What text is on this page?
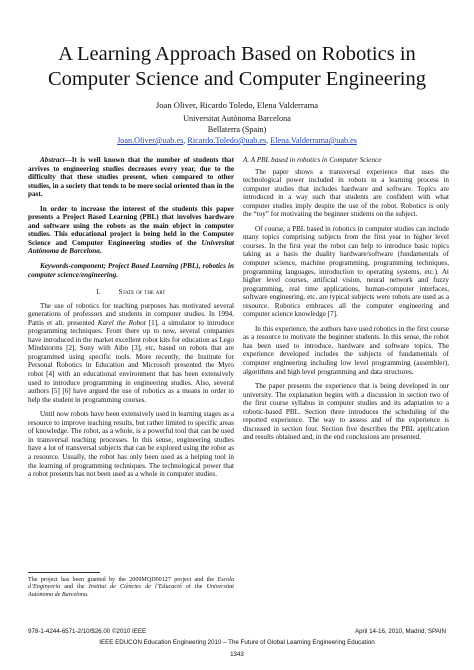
A Learning Approach Based on Robotics in
Computer Science and Computer Engineering
Joan Oliver, Ricardo Toledo, Elena Valderrama
Universitat Autònoma Barcelona
Bellaterra (Spain)
Joan.Oliver@uab.es, Ricardo.Toledo@uab.es, Elena.Valderrama@uab.es

Abstract—It is well known that the number of students that arrives to engineering studies decreases every year, due to the difficulty that these studies present, when compared to other studies, in a society that tends to be more social oriented than in the past.

In order to increase the interest of the students this paper presents a Project Based Learning (PBL) that involves hardware and software using the robots as the main object in computer studies. This educational project is being held in the Computer Science and Computer Engineering studies of the Universitat Autònoma de Barcelona.

Keywords-component; Project Based Learning (PBL), robotics in computer science/engineering.

I. State of the art

The use of robotics for teaching purposes has motivated several generations of professors and students in computer studies. In 1994, Pattis et alt. presented Karel the Robot [1], a simulator to introduce programming techniques. From there up to now, several companies have introduced in the market excellent robot kits for education as Lego Mindstorms [2], Sony with Aibo [3], etc, based on robots that are programmed using specific tools. More recently, the Institute for Personal Robotics in Education and Microsoft presented the Myro robot [4] with an educational environment that has been extensively used to introduce programming in engineering studies. Also, several authors [5] [6] have argued the use of robotics as a means in order to help the student in programming courses.

Until now robots have been extensively used in learning stages as a resource to improve teaching results, but rather limited to specific areas of knowledge. The robot, as a whole, is a powerful tool that can be used in transversal teaching processes. In this sense, engineering studies have a lot of transversal subjects that can be explored using the robot as a resource. Usually, the robot has only been used as a helping tool in the learning of programming techniques. The technological power that a robot presents has not been used as a whole in computer studies.

A. A PBL based in robotics in Computer Science

The paper shows a transversal experience that uses the technological power included in robots in a learning process in computer studies that includes hardware and software. Topics are introduced in a way such that students are confident with what computer studies imply despite the use of the robot. Robotics is only the “toy” for motivating the beginner students on the subject.

Of course, a PBL based in robotics in computer studies can include many topics comprising subjects from the first year to higher level courses. In the first year the robot can help to introduce basic topics taking as a basis the duality hardware/software (fundamentals of computer science, machine programming, programming techniques, programming languages, introduction to operating systems, etc.). At higher level courses, artificial vision, neural network and fuzzy programming, real time applications, human-computer interfaces, software engineering, etc. are typical subjects were robots are used as a resource. Robotics embraces all the computer engineering and computer science knowledge [7].

In this experience, the authors have used robotics in the first course as a resource to motivate the beginner students. In this sense, the robot has been used to introduce, hardware and software topics. The experience developed includes the subjects of fundamentals of computer engineering including low level programming (assembler), algorithms and high level programming and data structures.

The paper presents the experience that is being developed in our university. The explanation begins with a discussion in section two of the first course syllabus in computer studies and its adaptation to a robotic-based PBL. Section three introduces the scheduling of the reported experience. The way to assess and of the experience is discussed in section four. Section five describes the PBL application and results obtained and, in the end conclusions are presented.

The project has been granted by the 2009MQD00127 project and the Escola d’Enginyeria and the Institut de Ciències de l’Educació of the Universitat Autònoma de Barcelona.
978-1-4244-6571-2/10/$26.00 ©2010 IEEE	April 14-16, 2010, Madrid, SPAIN
IEEE EDUCON Education Engineering 2010 – The Future of Global Learning Engineering Education
1343
